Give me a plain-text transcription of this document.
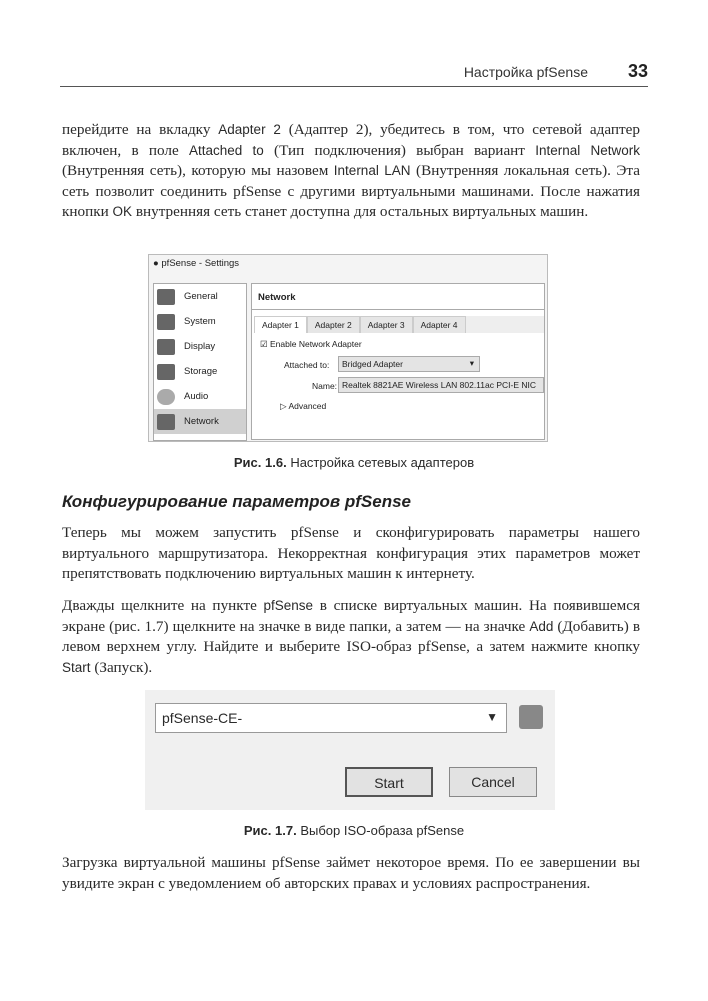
Настройка pfSense 33
перейдите на вкладку Adapter 2 (Адаптер 2), убедитесь в том, что сетевой адаптер включен, в поле Attached to (Тип подключения) выбран вариант Internal Network (Внутренняя сеть), которую мы назовем Internal LAN (Внутренняя локальная сеть). Эта сеть позволит соединить pfSense с другими виртуальными машинами. После нажатия кнопки OK внутренняя сеть станет доступна для остальных виртуальных машин.
● pfSense - Settings
General
System
Display
Storage
Audio
Network
Network
Adapter 1	Adapter 2	Adapter 3	Adapter 4
☑ Enable Network Adapter
Attached to:	Bridged Adapter	▾
Name: Realtek 8821AE Wireless LAN 802.11ac PCI-E NIC
▷ Advanced
Рис. 1.6. Настройка сетевых адаптеров
Конфигурирование параметров pfSense
Теперь мы можем запустить pfSense и сконфигурировать параметры нашего виртуального маршрутизатора. Некорректная конфигурация этих параметров может препятствовать подключению виртуальных машин к интернету.
Дважды щелкните на пункте pfSense в списке виртуальных машин. На появившемся экране (рис. 1.7) щелкните на значке в виде папки, а затем — на значке Add (Добавить) в левом верхнем углу. Найдите и выберите ISO-образ pfSense, а затем нажмите кнопку Start (Запуск).
pfSense-CE-	▼
Start	Cancel
Рис. 1.7. Выбор ISO-образа pfSense
Загрузка виртуальной машины pfSense займет некоторое время. По ее завершении вы увидите экран с уведомлением об авторских правах и условиях распространения.
